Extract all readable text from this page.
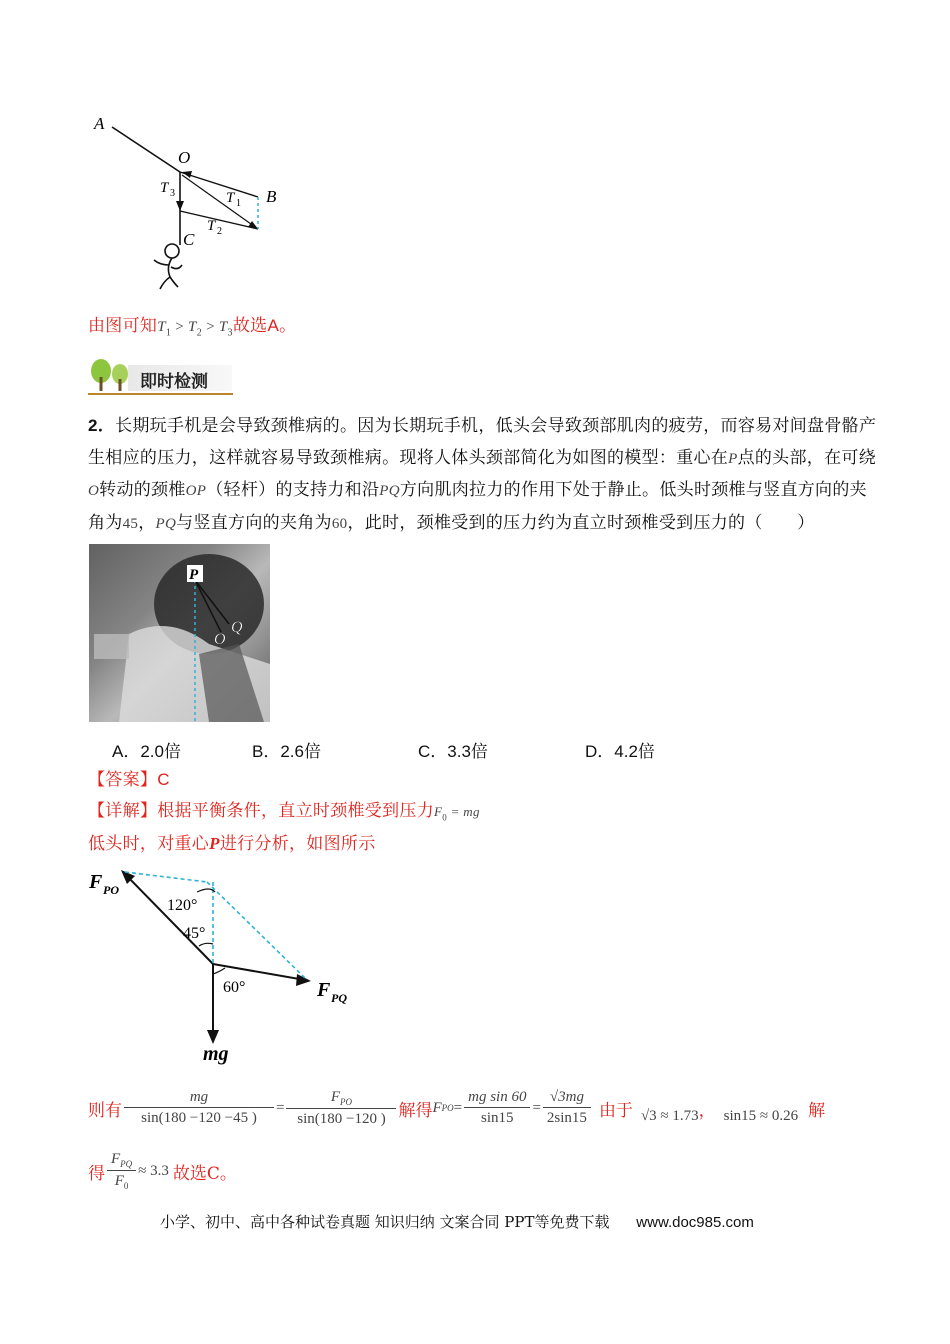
A
O
B
C
T 3	T 1
T 2
由图可知$T_1 > T_2 > T_3$故选A。
即时检测
2．长期玩手机是会导致颈椎病的。因为长期玩手机，低头会导致颈部肌肉的疲劳，而容易对间盘骨骼产
生相应的压力，这样就容易导致颈椎病。现将人体头颈部简化为如图的模型：重心在P点的头部，在可绕
O转动的颈椎OP（轻杆）的支持力和沿PQ方向肌肉拉力的作用下处于静止。低头时颈椎与竖直方向的夹
角为45，PQ与竖直方向的夹角为60，此时，颈椎受到的压力约为直立时颈椎受到压力的（　　）
P
O
Q
A．2.0倍	B．2.6倍	C．3.3倍	D．4.2倍
【答案】C
【详解】根据平衡条件，直立时颈椎受到压力$F_0$ = mg
低头时，对重心P进行分析，如图所示
F PO
F PQ
120°
45°
60°
mg
则有 $\frac{mg}{\sin(180 -120 -45 )} = \frac{F_{PO}}{\sin(180 -120 )}$ 解得 F PO = $\frac{\text{mg sin 60}}{\sin 15} = \frac{√3mg}{2\sin 15}$ 由于 √3 ≈ 1.73 ， sin15 ≈ 0.26 解
得 $\frac{F_{PQ}}{F_0} \approx 3.3$ 故选C。
小学、初中、高中各种试卷真题 知识归纳 文案合同 PPT等免费下载 www.doc985.com
